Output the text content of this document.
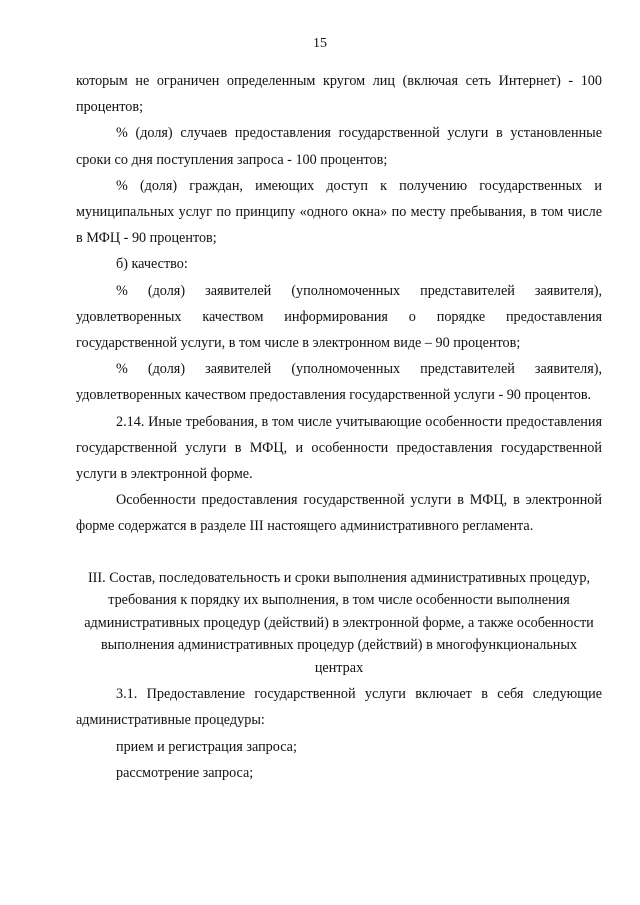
15

которым не ограничен определенным кругом лиц (включая сеть Интернет) - 100 процентов;

% (доля) случаев предоставления государственной услуги в установленные сроки со дня поступления запроса - 100 процентов;

% (доля) граждан, имеющих доступ к получению государственных и муниципальных услуг по принципу «одного окна» по месту пребывания, в том числе в МФЦ - 90 процентов;

б) качество:

% (доля) заявителей (уполномоченных представителей заявителя), удовлетворенных качеством информирования о порядке предоставления государственной услуги, в том числе в электронном виде – 90 процентов;

% (доля) заявителей (уполномоченных представителей заявителя), удовлетворенных качеством предоставления государственной услуги - 90 процентов.

2.14. Иные требования, в том числе учитывающие особенности предоставления государственной услуги в МФЦ, и особенности предоставления государственной услуги в электронной форме.

Особенности предоставления государственной услуги в МФЦ, в электронной форме содержатся в разделе III настоящего административного регламента.

III. Состав, последовательность и сроки выполнения административных процедур, требования к порядку их выполнения, в том числе особенности выполнения административных процедур (действий) в электронной форме, а также особенности выполнения административных процедур (действий) в многофункциональных центрах

3.1. Предоставление государственной услуги включает в себя следующие административные процедуры:

прием и регистрация запроса;

рассмотрение запроса;
